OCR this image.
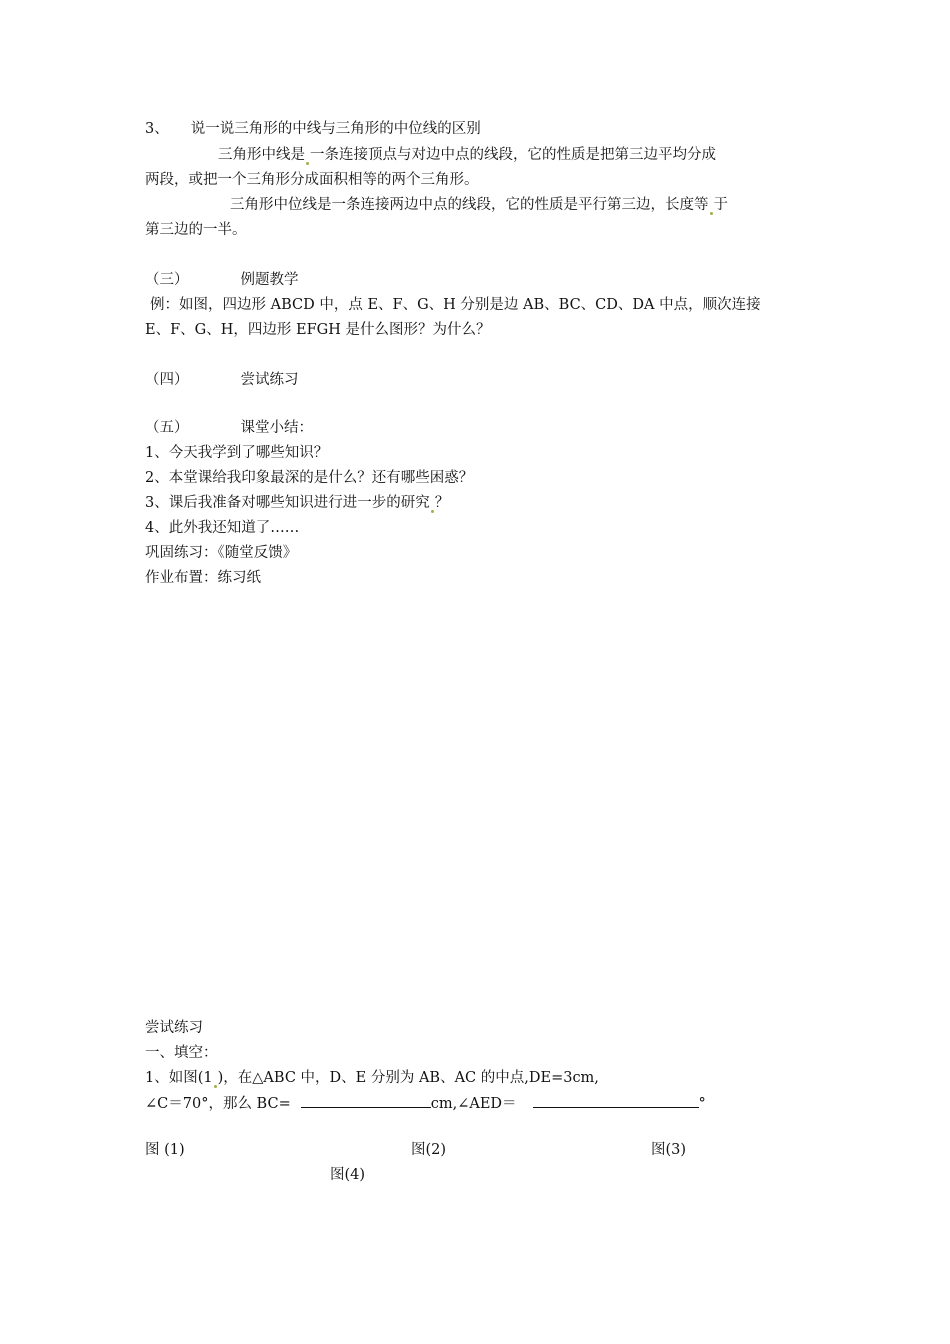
3、 说一说三角形的中线与三角形的中位线的区别
三角形中线是 一条连接顶点与对边中点的线段，它的性质是把第三边平均分成
两段，或把一个三角形分成面积相等的两个三角形。
三角形中位线是一条连接两边中点的线段，它的性质是平行第三边，长度等 于
第三边的一半。
（三）	例题教学
例：如图，四边形 ABCD 中，点 E、F、G、H 分别是边 AB、BC、CD、DA 中点，顺次连接
E、F、G、H，四边形 EFGH 是什么图形？为什么？
（四）	尝试练习
（五）	课堂小结：
1、今天我学到了哪些知识？
2、本堂课给我印象最深的是什么？还有哪些困惑？
3、课后我准备对哪些知识进行进一步的研究 ？
4、此外我还知道了……
巩固练习：《随堂反馈》
作业布置：练习纸
尝试练习
一、填空：
1、如图(1 )，在△ABC 中，D、E 分别为 AB、AC 的中点,DE=3cm,
∠C＝70°，那么 BC=	cm,∠AED＝	°
图 (1)	图(2)	图(3)
图(4)
